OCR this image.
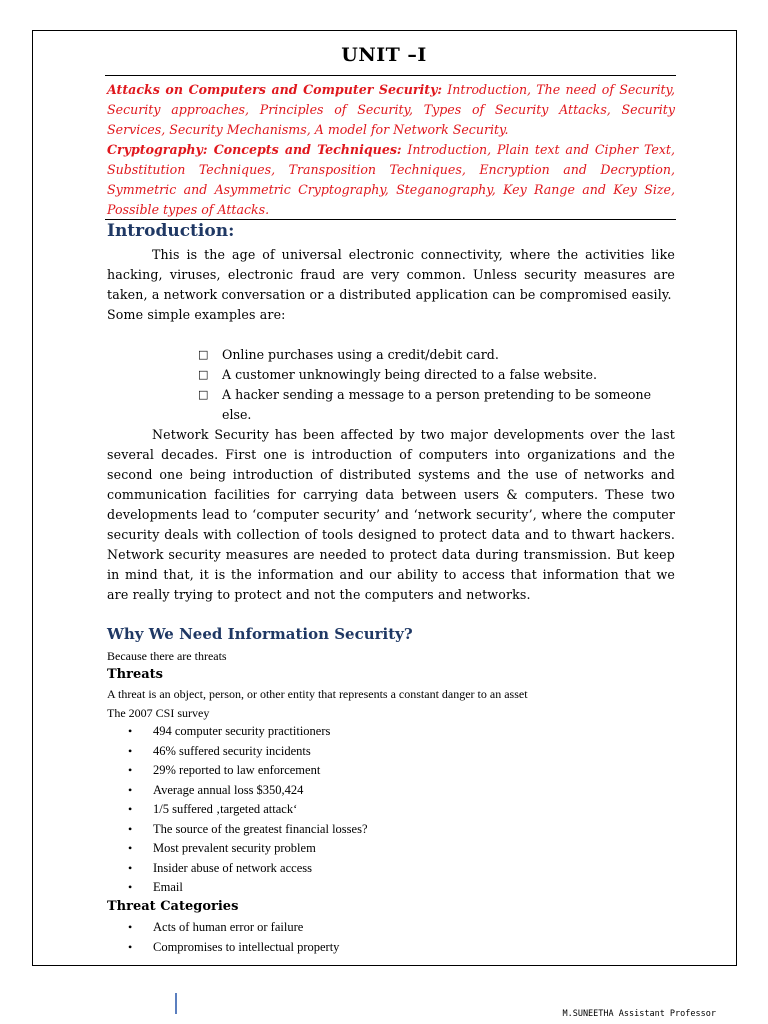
UNIT –I

Attacks on Computers and Computer Security: Introduction, The need of Security, Security approaches, Principles of Security, Types of Security Attacks, Security Services, Security Mechanisms, A model for Network Security.

Cryptography: Concepts and Techniques: Introduction, Plain text and Cipher Text, Substitution Techniques, Transposition Techniques, Encryption and Decryption, Symmetric and Asymmetric Cryptography, Steganography, Key Range and Key Size, Possible types of Attacks.

Introduction:

This is the age of universal electronic connectivity, where the activities like hacking, viruses, electronic fraud are very common. Unless security measures are taken, a network conversation or a distributed application can be compromised easily.

Some simple examples are:

□	Online purchases using a credit/debit card.
□	A customer unknowingly being directed to a false website.
□	A hacker sending a message to a person pretending to be someone else.

Network Security has been affected by two major developments over the last several decades. First one is introduction of computers into organizations and the second one being introduction of distributed systems and the use of networks and communication facilities for carrying data between users & computers. These two developments lead to ‘computer security’ and ‘network security’, where the computer security deals with collection of tools designed to protect data and to thwart hackers. Network security measures are needed to protect data during transmission. But keep in mind that, it is the information and our ability to access that information that we are really trying to protect and not the computers and networks.

Why We Need Information Security?
Because there are threats
Threats
A threat is an object, person, or other entity that represents a constant danger to an asset
The 2007 CSI survey
•	494 computer security practitioners
•	46% suffered security incidents
•	29% reported to law enforcement
•	Average annual loss $350,424
•	1/5 suffered ‚targeted attack‘
•	The source of the greatest financial losses?
•	Most prevalent security problem
•	Insider abuse of network access
•	Email
Threat Categories
•	Acts of human error or failure
•	Compromises to intellectual property
M.SUNEETHA Assistant Professor
